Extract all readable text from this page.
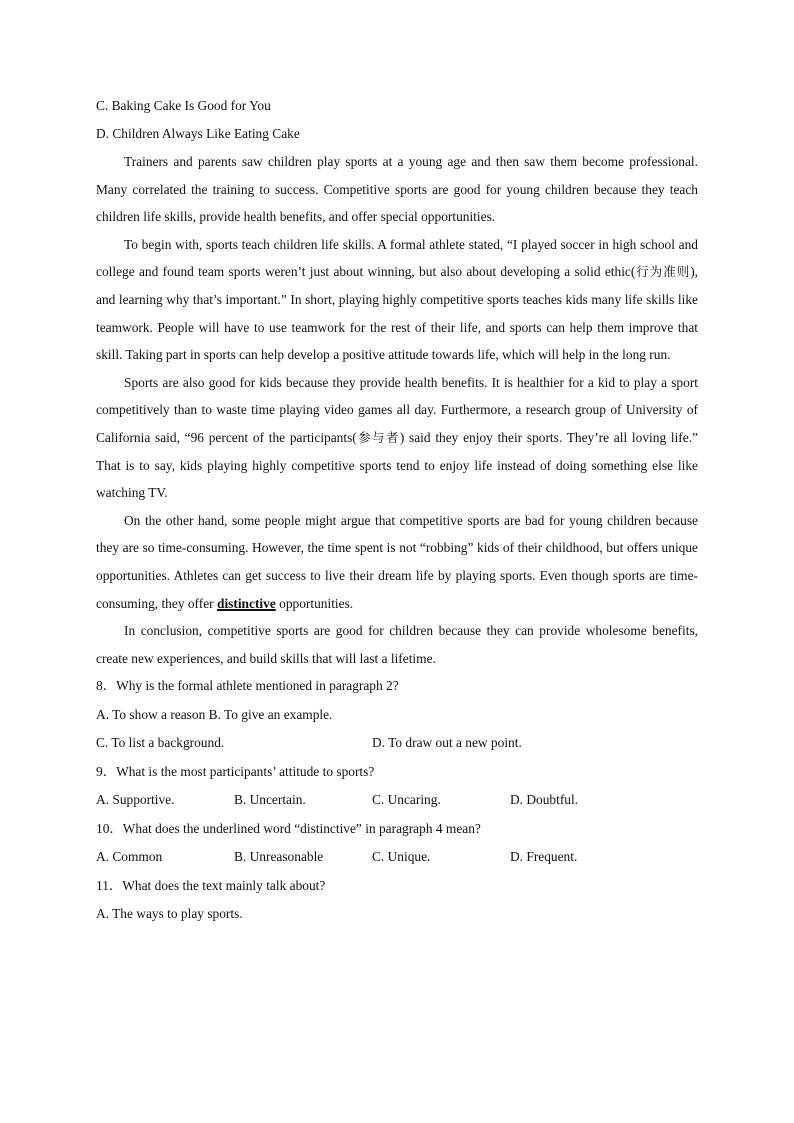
C. Baking Cake Is Good for You
D. Children Always Like Eating Cake

Trainers and parents saw children play sports at a young age and then saw them become professional. Many correlated the training to success. Competitive sports are good for young children because they teach children life skills, provide health benefits, and offer special opportunities.

To begin with, sports teach children life skills. A formal athlete stated, “I played soccer in high school and college and found team sports weren’t just about winning, but also about developing a solid ethic(行为准则), and learning why that’s important.” In short, playing highly competitive sports teaches kids many life skills like teamwork. People will have to use teamwork for the rest of their life, and sports can help them improve that skill. Taking part in sports can help develop a positive attitude towards life, which will help in the long run.

Sports are also good for kids because they provide health benefits. It is healthier for a kid to play a sport competitively than to waste time playing video games all day. Furthermore, a research group of University of California said, “96 percent of the participants(参与者) said they enjoy their sports. They’re all loving life.” That is to say, kids playing highly competitive sports tend to enjoy life instead of doing something else like watching TV.

On the other hand, some people might argue that competitive sports are bad for young children because they are so time-consuming. However, the time spent is not “robbing” kids of their childhood, but offers unique opportunities. Athletes can get success to live their dream life by playing sports. Even though sports are time-consuming, they offer distinctive opportunities.

In conclusion, competitive sports are good for children because they can provide wholesome benefits, create new experiences, and build skills that will last a lifetime.

8．Why is the formal athlete mentioned in paragraph 2?
A. To show a reason
B. To give an example.
C. To list a background.	D. To draw out a new point.
9．What is the most participants’ attitude to sports?
A. Supportive.	B. Uncertain.	C. Uncaring.	D. Doubtful.
10．What does the underlined word “distinctive” in paragraph 4 mean?
A. Common	B. Unreasonable	C. Unique.	D. Frequent.
11．What does the text mainly talk about?
A. The ways to play sports.
